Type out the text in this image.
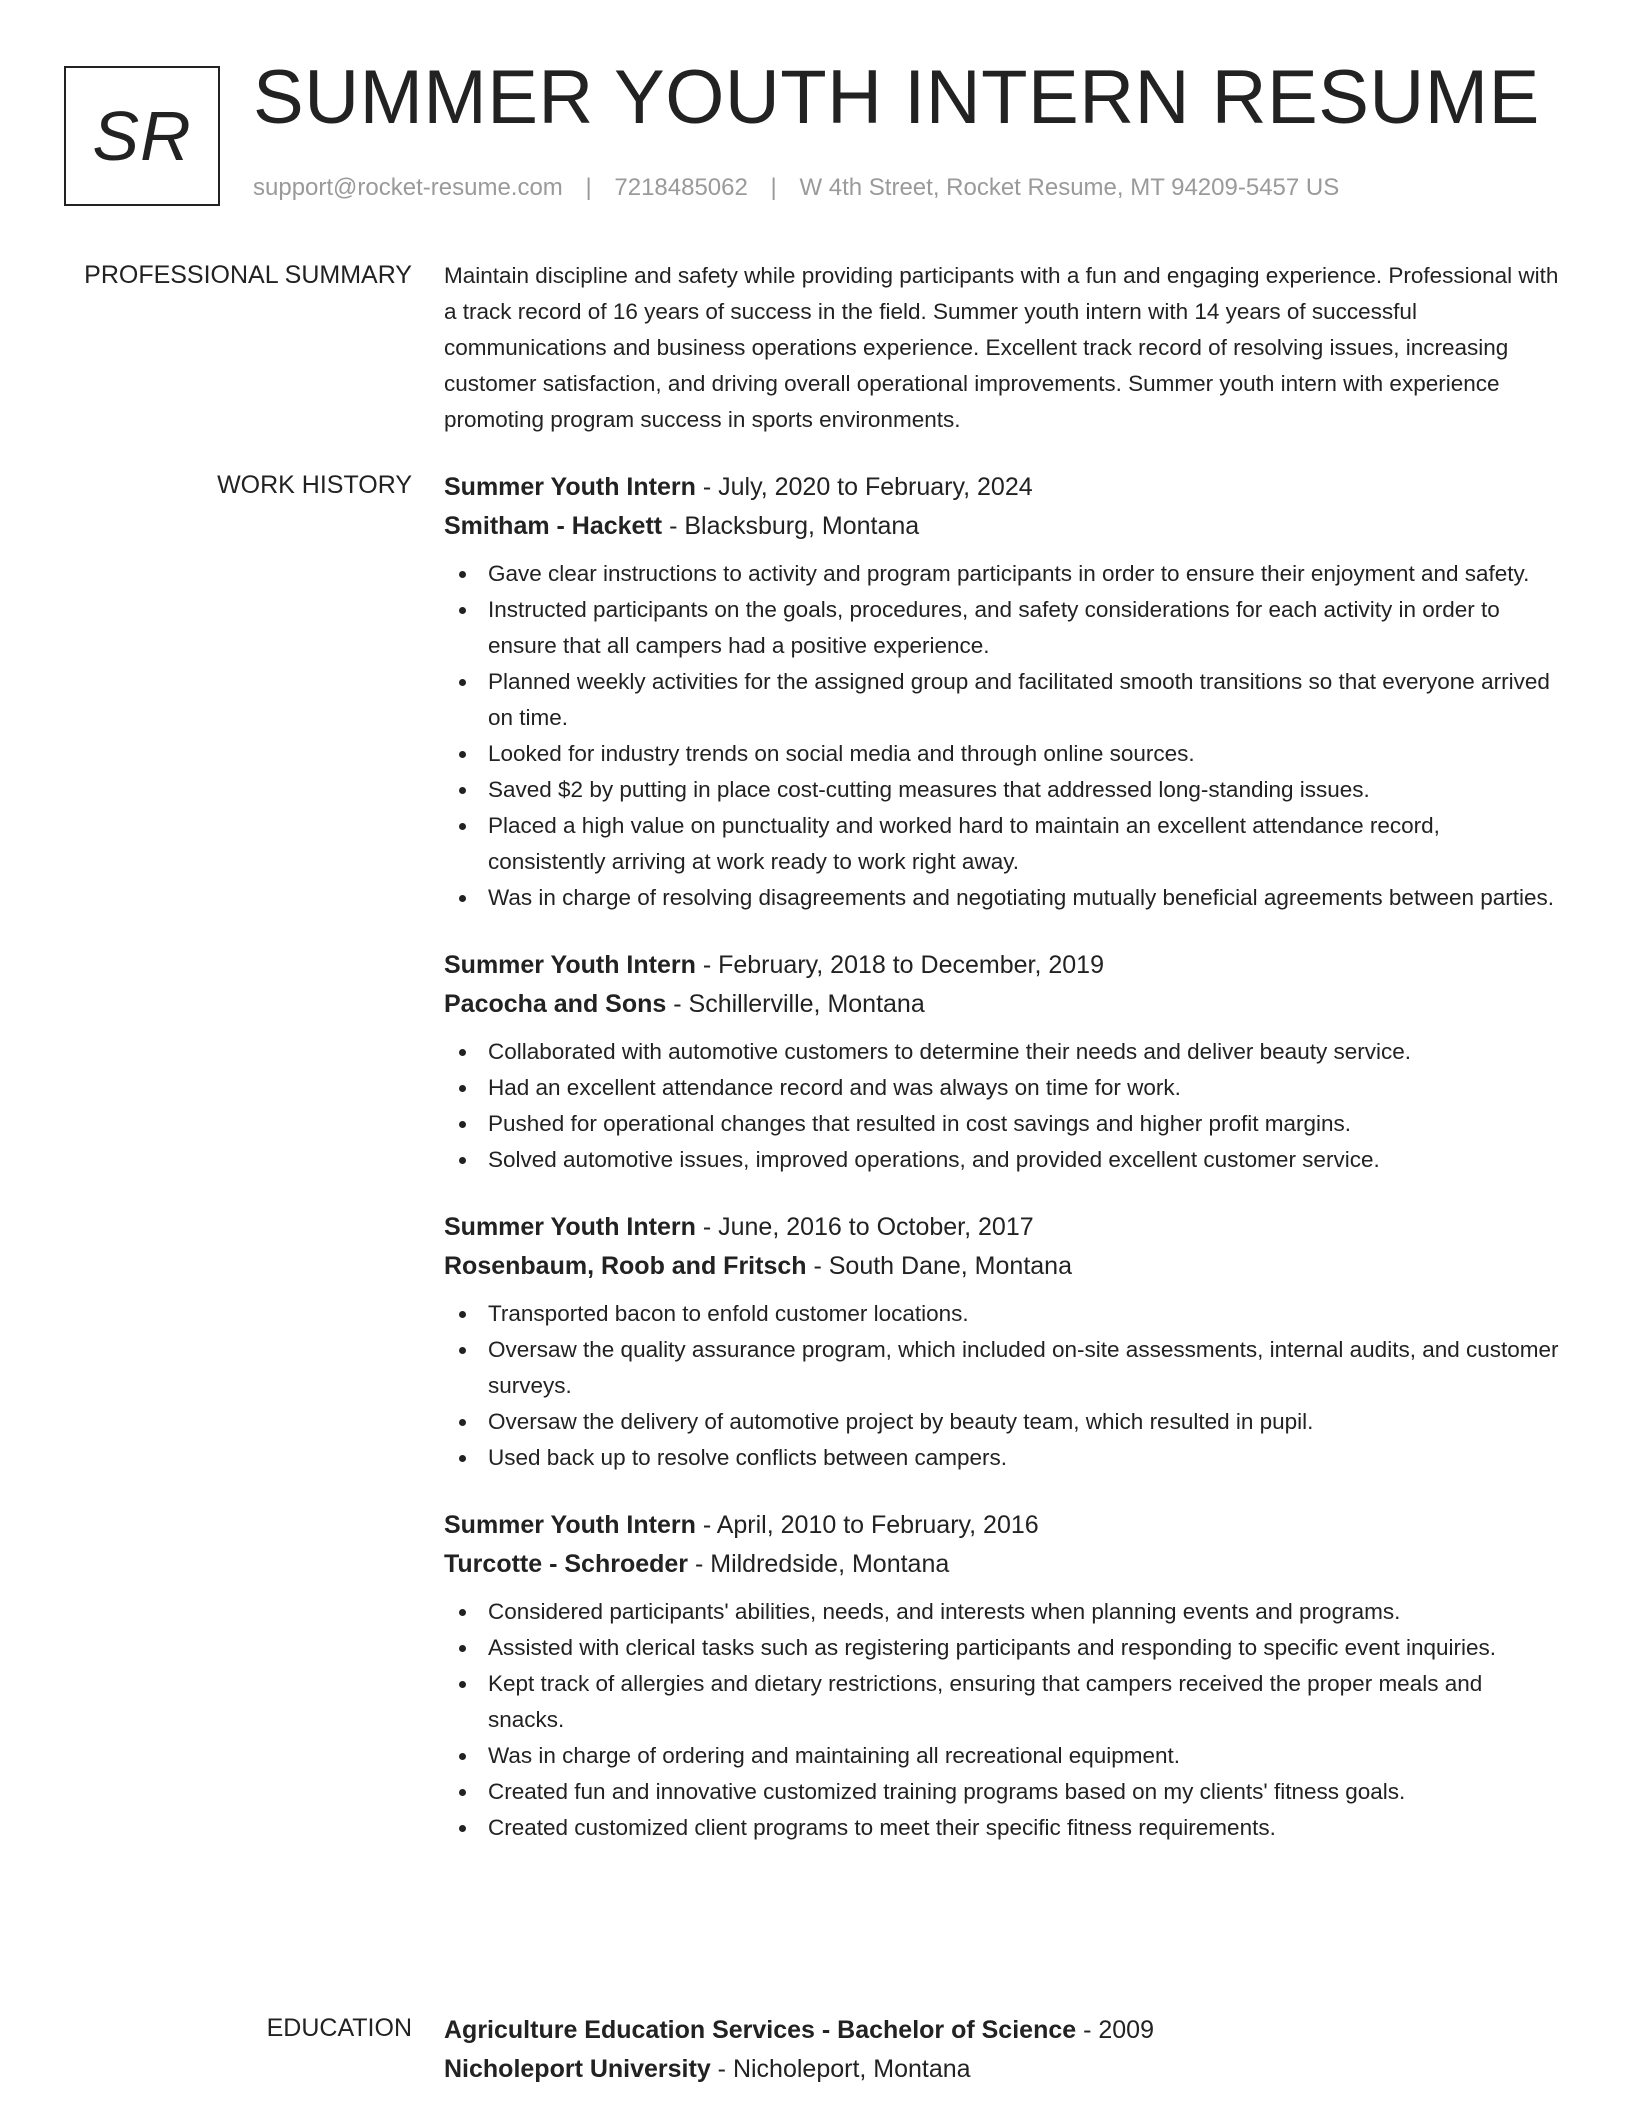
SR SUMMER YOUTH INTERN RESUME
support@rocket-resume.com | 7218485062 | W 4th Street, Rocket Resume, MT 94209-5457 US
PROFESSIONAL SUMMARY Maintain discipline and safety while providing participants with a fun and engaging experience. Professional with a track record of 16 years of success in the field. Summer youth intern with 14 years of successful communications and business operations experience. Excellent track record of resolving issues, increasing customer satisfaction, and driving overall operational improvements. Summer youth intern with experience promoting program success in sports environments.

WORK HISTORY Summer Youth Intern - July, 2020 to February, 2024
Smitham - Hackett - Blacksburg, Montana
Gave clear instructions to activity and program participants in order to ensure their enjoyment and safety.
Instructed participants on the goals, procedures, and safety considerations for each activity in order to ensure that all campers had a positive experience.
Planned weekly activities for the assigned group and facilitated smooth transitions so that everyone arrived on time.
Looked for industry trends on social media and through online sources.
Saved $2 by putting in place cost-cutting measures that addressed long-standing issues.
Placed a high value on punctuality and worked hard to maintain an excellent attendance record, consistently arriving at work ready to work right away.
Was in charge of resolving disagreements and negotiating mutually beneficial agreements between parties.
Summer Youth Intern - February, 2018 to December, 2019
Pacocha and Sons - Schillerville, Montana
Collaborated with automotive customers to determine their needs and deliver beauty service.
Had an excellent attendance record and was always on time for work.
Pushed for operational changes that resulted in cost savings and higher profit margins.
Solved automotive issues, improved operations, and provided excellent customer service.
Summer Youth Intern - June, 2016 to October, 2017
Rosenbaum, Roob and Fritsch - South Dane, Montana
Transported bacon to enfold customer locations.
Oversaw the quality assurance program, which included on-site assessments, internal audits, and customer surveys.
Oversaw the delivery of automotive project by beauty team, which resulted in pupil.
Used back up to resolve conflicts between campers.
Summer Youth Intern - April, 2010 to February, 2016
Turcotte - Schroeder - Mildredside, Montana
Considered participants' abilities, needs, and interests when planning events and programs.
Assisted with clerical tasks such as registering participants and responding to specific event inquiries.
Kept track of allergies and dietary restrictions, ensuring that campers received the proper meals and snacks.
Was in charge of ordering and maintaining all recreational equipment.
Created fun and innovative customized training programs based on my clients' fitness goals.
Created customized client programs to meet their specific fitness requirements.
EDUCATION Agriculture Education Services - Bachelor of Science - 2009
Nicholeport University - Nicholeport, Montana
